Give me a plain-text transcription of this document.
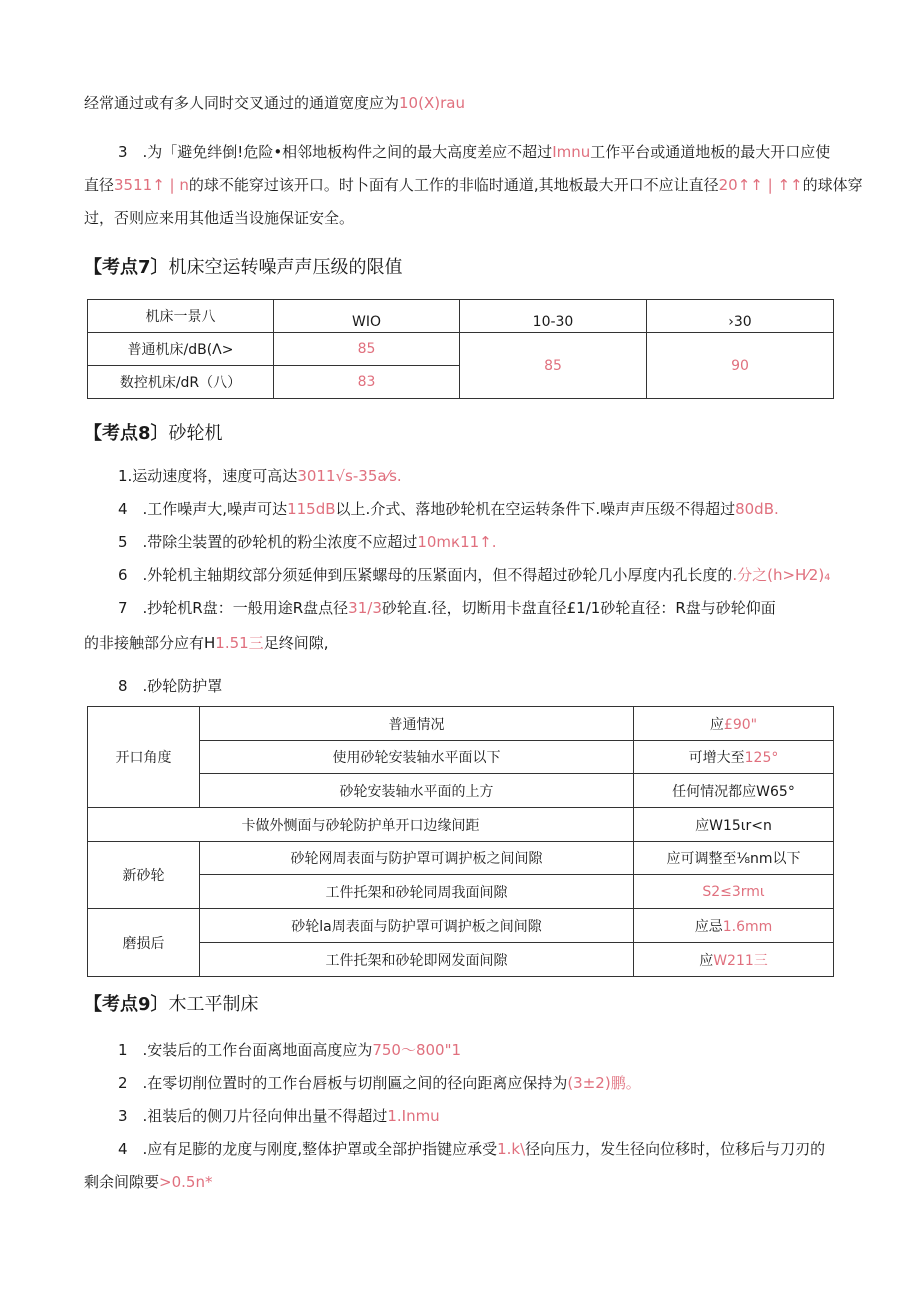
经常通过或有多人同时交叉通过的通道宽度应为10(X)rau
3　.为「避免绊倒!危险•相邻地板构件之间的最大高度差应不超过Imnu工作平台或通道地板的最大开口应使
直径3511↑ | n的球不能穿过该开口。时卜面有人工作的非临时通道,其地板最大开口不应让直径20↑↑ | ↑↑的球体穿
过，否则应来用其他适当设施保证安全。
【考点7〕机床空运转噪声声压级的限值
机床一景八	WIO	10-30	›30
普通机床/dB(Λ>	85	85	90
数控机床/dR（八）	83		
【考点8〕砂轮机
1.运动速度将，速度可高达3011√s-35a⁄s.
4　.工作噪声大,噪声可达115dB以上.介式、落地砂轮机在空运转条件下.噪声声压级不得超过80dB.
5　.带除尘装置的砂轮机的粉尘浓度不应超过10mк11↑.
6　.外轮机主轴期纹部分须延伸到压紧螺母的压紧面内，但不得超过砂轮几小厚度内孔长度的.分之(h>H⁄2)₄
7　.抄轮机R盘：一般用途R盘点径31/3砂轮直.径，切断用卡盘直径£1/1砂轮直径：R盘与砂轮仰面
的非接触部分应有H1.51三足终间隙,
8　.砂轮防护罩
开口角度	普通情况	应£90"
	使用砂轮安装轴水平面以下	可增大至125°
	砂轮安装轴水平面的上方	任何情况都应W65°
卡做外恻面与砂轮防护单开口边缘间距		应W15ιr<n
新砂轮	砂轮网周表面与防护罩可调护板之间间隙	应可调整至⅛nm以下
	工件托架和砂轮同周我面间隙	S2≤3rmι
磨损后	砂轮la周表面与防护罩可调护板之间间隙	应忌1.6mm
	工件托架和砂轮即网发面间隙	应W211三
【考点9〕木工平制床
1　.安装后的工作台面离地面高度应为750～800"1
2　.在零切削位置时的工作台唇板与切削匾之间的径向距离应保持为(3±2)鹏。
3　.祖装后的侧刀片径向伸出量不得超过1.Inmu
4　.应有足膨的龙度与刚度,整体护罩或全部护指键应承受1.k\径向压力，发生径向位移时，位移后与刀刃的
剩余间隙要>0.5n*
